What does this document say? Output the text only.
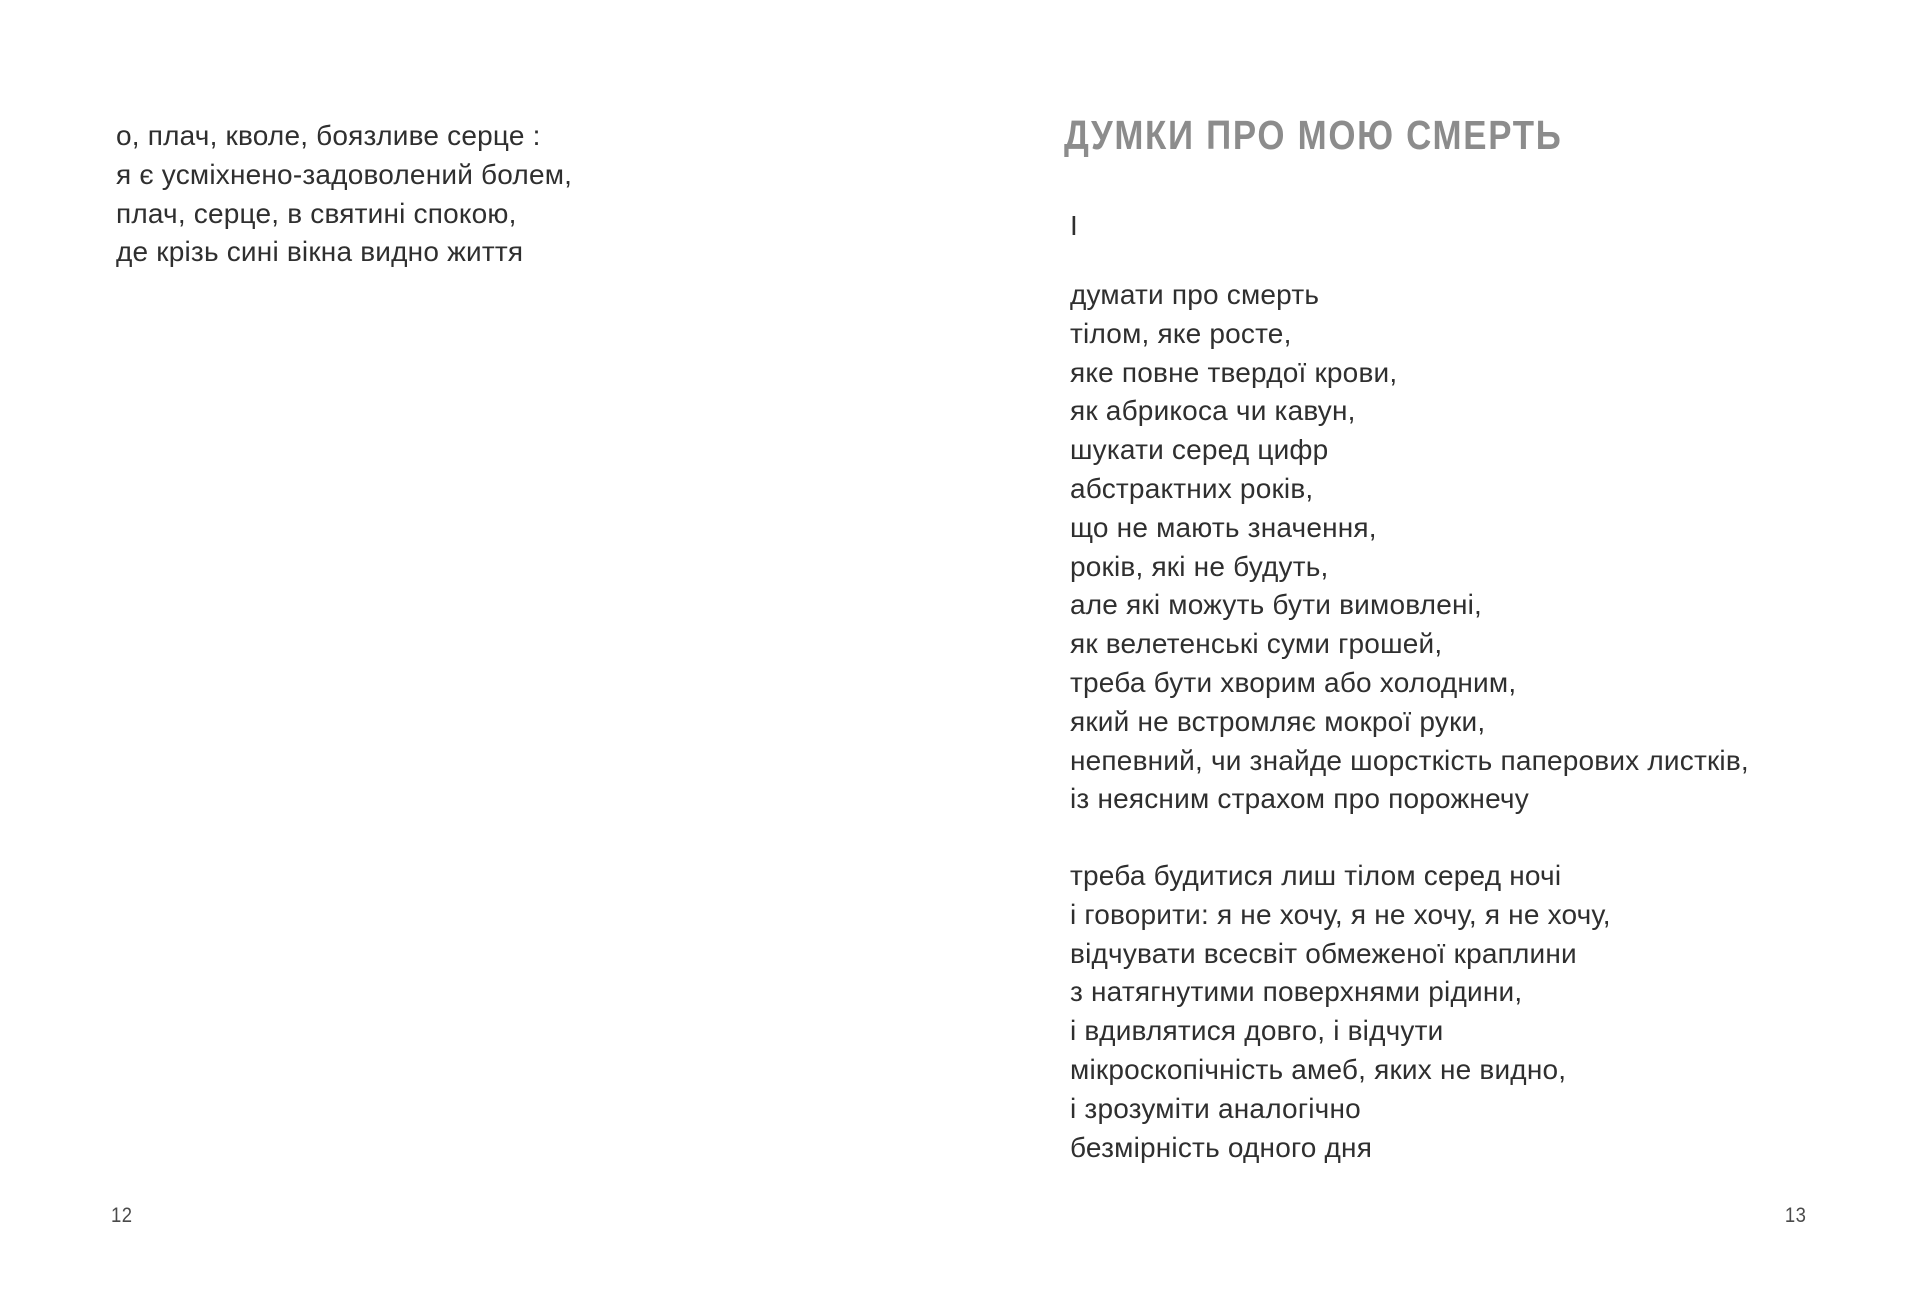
о, плач, кволе, боязливе серце :
я є усміхнено-задоволений болем,
плач, серце, в святині спокою,
де крізь сині вікна видно життя
12
ДУМКИ ПРО МОЮ СМЕРТЬ
І
думати про смерть
тілом, яке росте,
яке повне твердої крови,
як абрикоса чи кавун,
шукати серед цифр
абстрактних років,
що не мають значення,
років, які не будуть,
але які можуть бути вимовлені,
як велетенські суми грошей,
треба бути хворим або холодним,
який не встромляє мокрої руки,
непевний, чи знайде шорсткість паперових листків,
із неясним страхом про порожнечу
треба будитися лиш тілом серед ночі
і говорити: я не хочу, я не хочу, я не хочу,
відчувати всесвіт обмеженої краплини
з натягнутими поверхнями рідини,
і вдивлятися довго, і відчути
мікроскопічність амеб, яких не видно,
і зрозуміти аналогічно
безмірність одного дня
13
